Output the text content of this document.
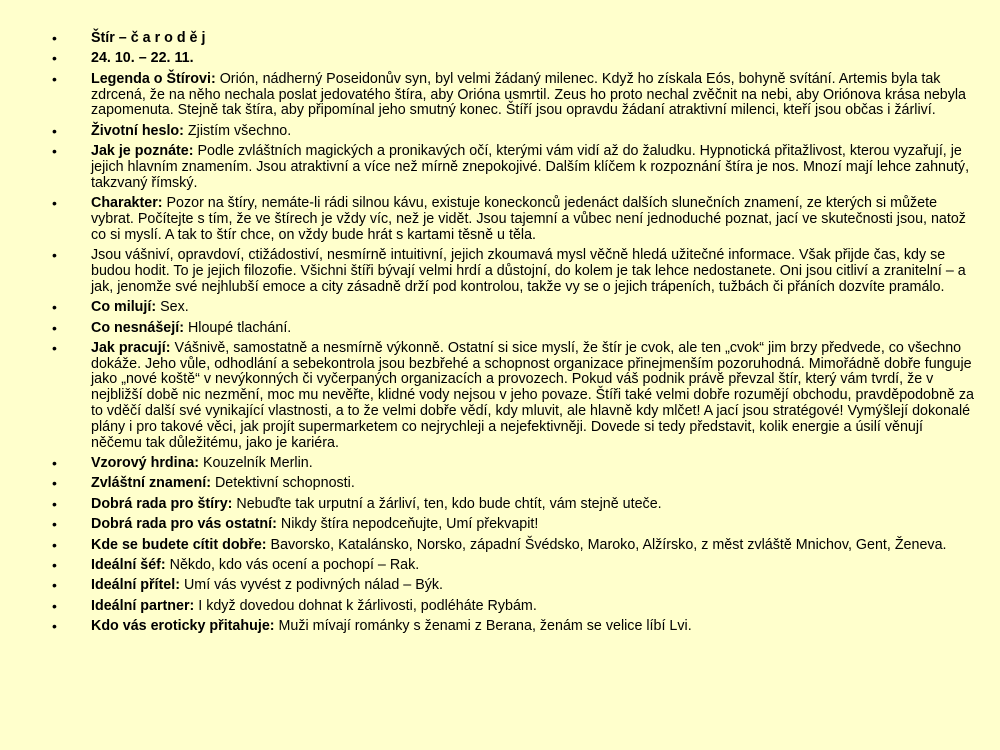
• Štír – č a r o d ě j
• 24. 10. – 22. 11.
• Legenda o Štírovi: Orión, nádherný Poseidonův syn, byl velmi žádaný milenec. Když ho získala Eós, bohyně svítání. Artemis byla tak zdrcená, že na něho nechala poslat jedovatého štíra, aby Orióna usmrtil. Zeus ho proto nechal zvěčnit na nebi, aby Oriónova krása nebyla zapomenuta. Stejně tak štíra, aby připomínal jeho smutný konec. Štíří jsou opravdu žádaní atraktivní milenci, kteří jsou občas i žárliví.
• Životní heslo: Zjistím všechno.
• Jak je poznáte: Podle zvláštních magických a pronikavých očí, kterými vám vidí až do žaludku. Hypnotická přitažlivost, kterou vyzařují, je jejich hlavním znamením. Jsou atraktivní a více než mírně znepokojivé. Dalším klíčem k rozpoznání štíra je nos. Mnozí mají lehce zahnutý, takzvaný římský.
• Charakter: Pozor na štíry, nemáte-li rádi silnou kávu, existuje koneckonců jedenáct dalších slunečních znamení, ze kterých si můžete vybrat. Počítejte s tím, že ve štírech je vždy víc, než je vidět. Jsou tajemní a vůbec není jednoduché poznat, jací ve skutečnosti jsou, natož co si myslí. A tak to štír chce, on vždy bude hrát s kartami těsně u těla.
• Jsou vášniví, opravdoví, ctižádostiví, nesmírně intuitivní, jejich zkoumavá mysl věčně hledá užitečné informace. Však přijde čas, kdy se budou hodit. To je jejich filozofie. Všichni štíři bývají velmi hrdí a důstojní, do kolem je tak lehce nedostanete. Oni jsou citliví a zranitelní – a jak, jenomže své nejhlubší emoce a city zásadně drží pod kontrolou, takže vy se o jejich trápeních, tužbách či přáních dozvíte pramálo.
• Co milují: Sex.
• Co nesnášejí: Hloupé tlachání.
• Jak pracují: Vášnivě, samostatně a nesmírně výkonně. Ostatní si sice myslí, že štír je cvok, ale ten „cvok“ jim brzy předvede, co všechno dokáže. Jeho vůle, odhodlání a sebekontrola jsou bezbřehé a schopnost organizace přinejmenším pozoruhodná. Mimořádně dobře funguje jako „nové koště“ v nevýkonných či vyčerpaných organizacích a provozech. Pokud váš podnik právě převzal štír, který vám tvrdí, že v nejbližší době nic nezmění, moc mu nevěřte, klidné vody nejsou v jeho povaze. Štíři také velmi dobře rozumějí obchodu, pravděpodobně za to vděčí další své vynikající vlastnosti, a to že velmi dobře vědí, kdy mluvit, ale hlavně kdy mlčet! A jací jsou stratégové! Vymýšlejí dokonalé plány i pro takové věci, jak projít supermarketem co nejrychleji a nejefektivněji. Dovede si tedy představit, kolik energie a úsilí věnují něčemu tak důležitému, jako je kariéra.
• Vzorový hrdina: Kouzelník Merlin.
• Zvláštní znamení: Detektivní schopnosti.
• Dobrá rada pro štíry: Nebuďte tak urputní a žárliví, ten, kdo bude chtít, vám stejně uteče.
• Dobrá rada pro vás ostatní: Nikdy štíra nepodceňujte, Umí překvapit!
• Kde se budete cítit dobře: Bavorsko, Katalánsko, Norsko, západní Švédsko, Maroko, Alžírsko, z měst zvláště Mnichov, Gent, Ženeva.
• Ideální šéf: Někdo, kdo vás ocení a pochopí – Rak.
• Ideální přítel: Umí vás vyvést z podivných nálad – Býk.
• Ideální partner: I když dovedou dohnat k žárlivosti, podléháte Rybám.
• Kdo vás eroticky přitahuje: Muži mívají románky s ženami z Berana, ženám se velice líbí Lvi.
